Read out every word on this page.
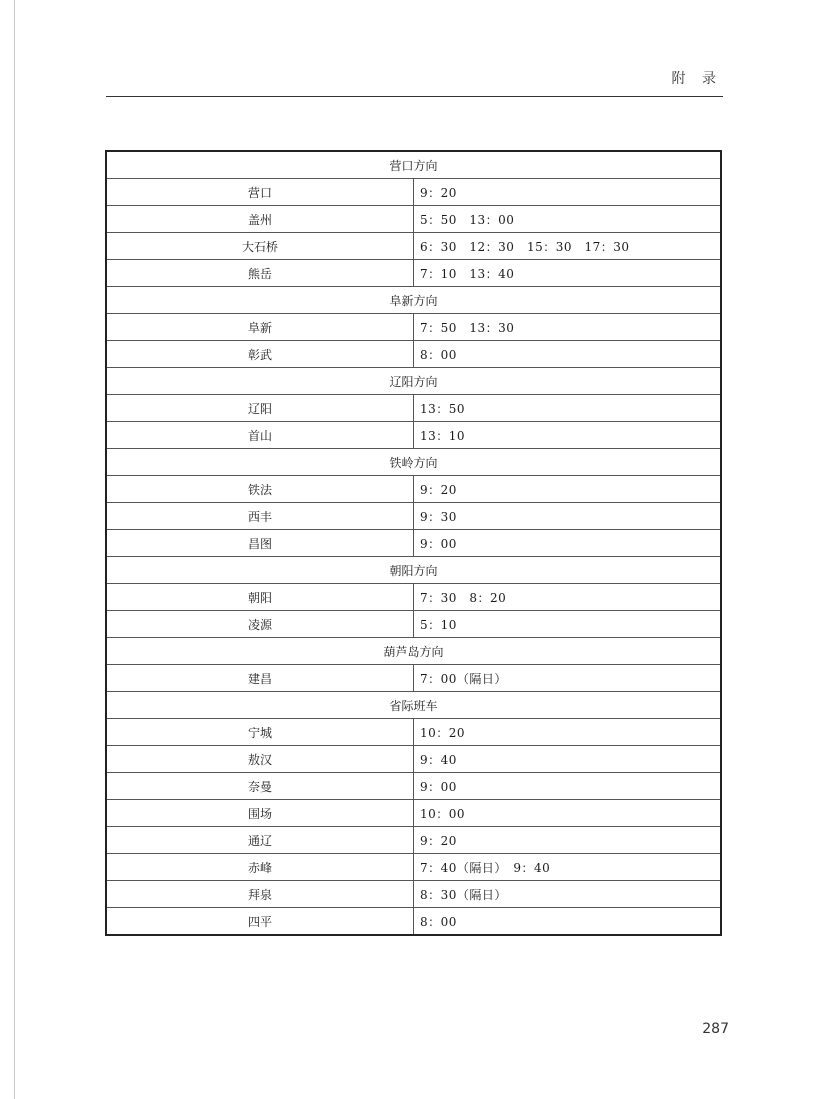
附 录
营口方向	
营口	9：20
盖州	5：50　13：00
大石桥	6：30　12：30　15：30　17：30
熊岳	7：10　13：40
阜新方向	
阜新	7：50　13：30
彰武	8：00
辽阳方向	
辽阳	13：50
首山	13：10
铁岭方向	
铁法	9：20
西丰	9：30
昌图	9：00
朝阳方向	
朝阳	7：30　8：20
凌源	5：10
葫芦岛方向	
建昌	7：00（隔日）
省际班车	
宁城	10：20
敖汉	9：40
奈曼	9：00
围场	10：00
通辽	9：20
赤峰	7：40（隔日）　9：40
拜泉	8：30（隔日）
四平	8：00
287
